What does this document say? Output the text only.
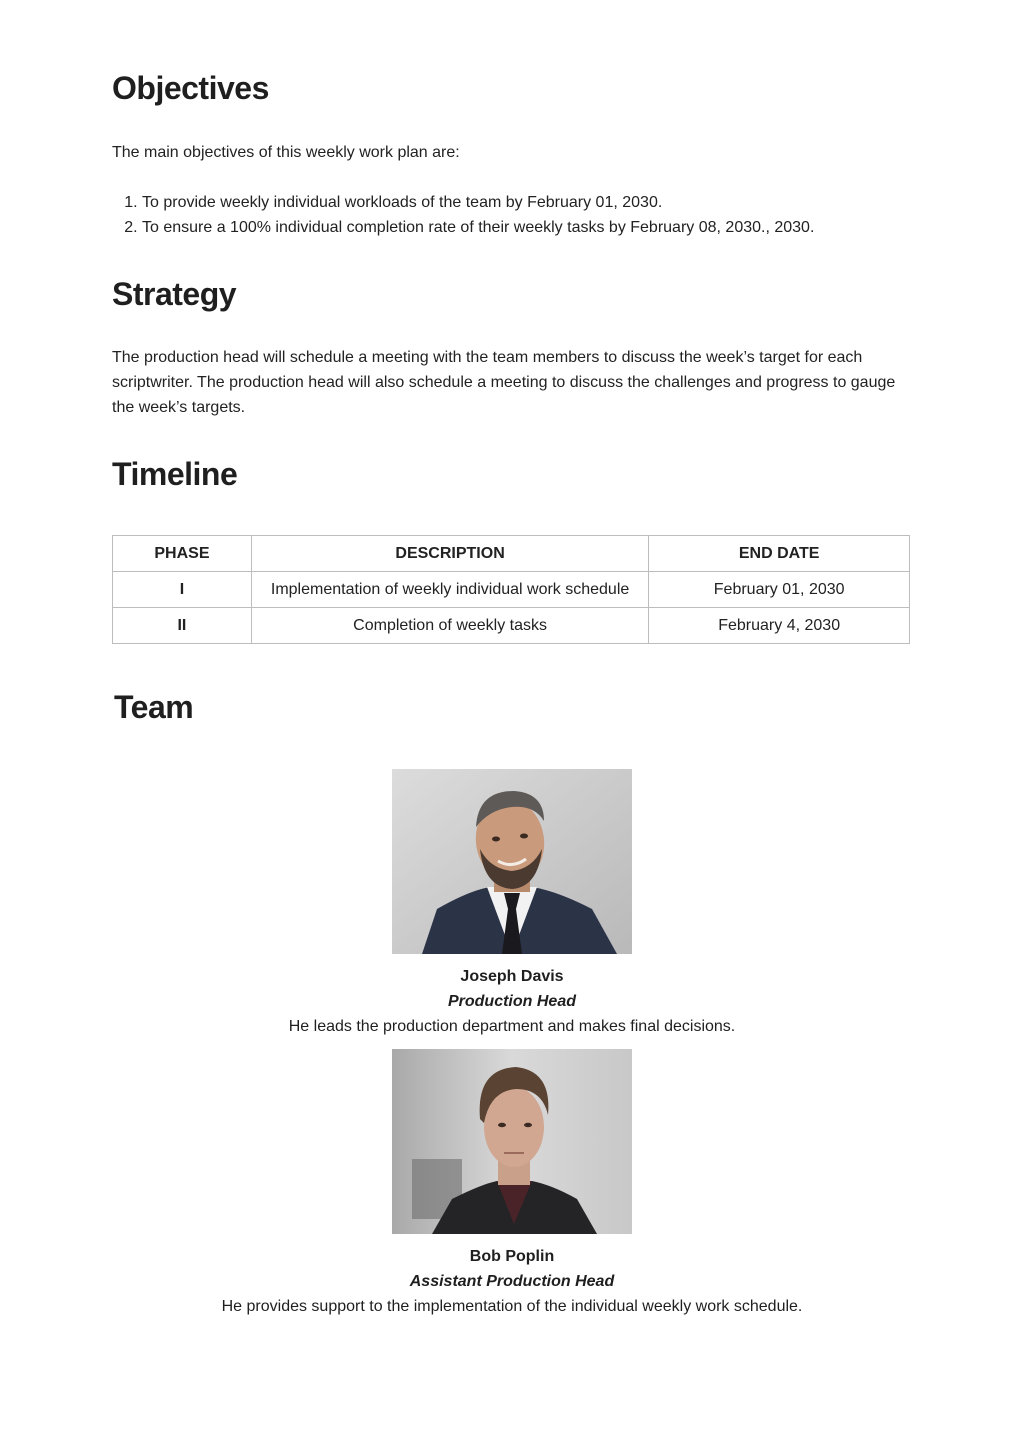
Objectives

The main objectives of this weekly work plan are:

1. To provide weekly individual workloads of the team by February 01, 2030.
2. To ensure a 100% individual completion rate of their weekly tasks by February 08, 2030., 2030.
Strategy

The production head will schedule a meeting with the team members to discuss the week’s target for each scriptwriter. The production head will also schedule a meeting to discuss the challenges and progress to gauge the week’s targets.

Timeline
PHASE	DESCRIPTION	END DATE
I	Implementation of weekly individual work schedule	February 01, 2030
II	Completion of weekly tasks	February 4, 2030
Team
Joseph Davis
Production Head
He leads the production department and makes final decisions.
Bob Poplin
Assistant Production Head
He provides support to the implementation of the individual weekly work schedule.
